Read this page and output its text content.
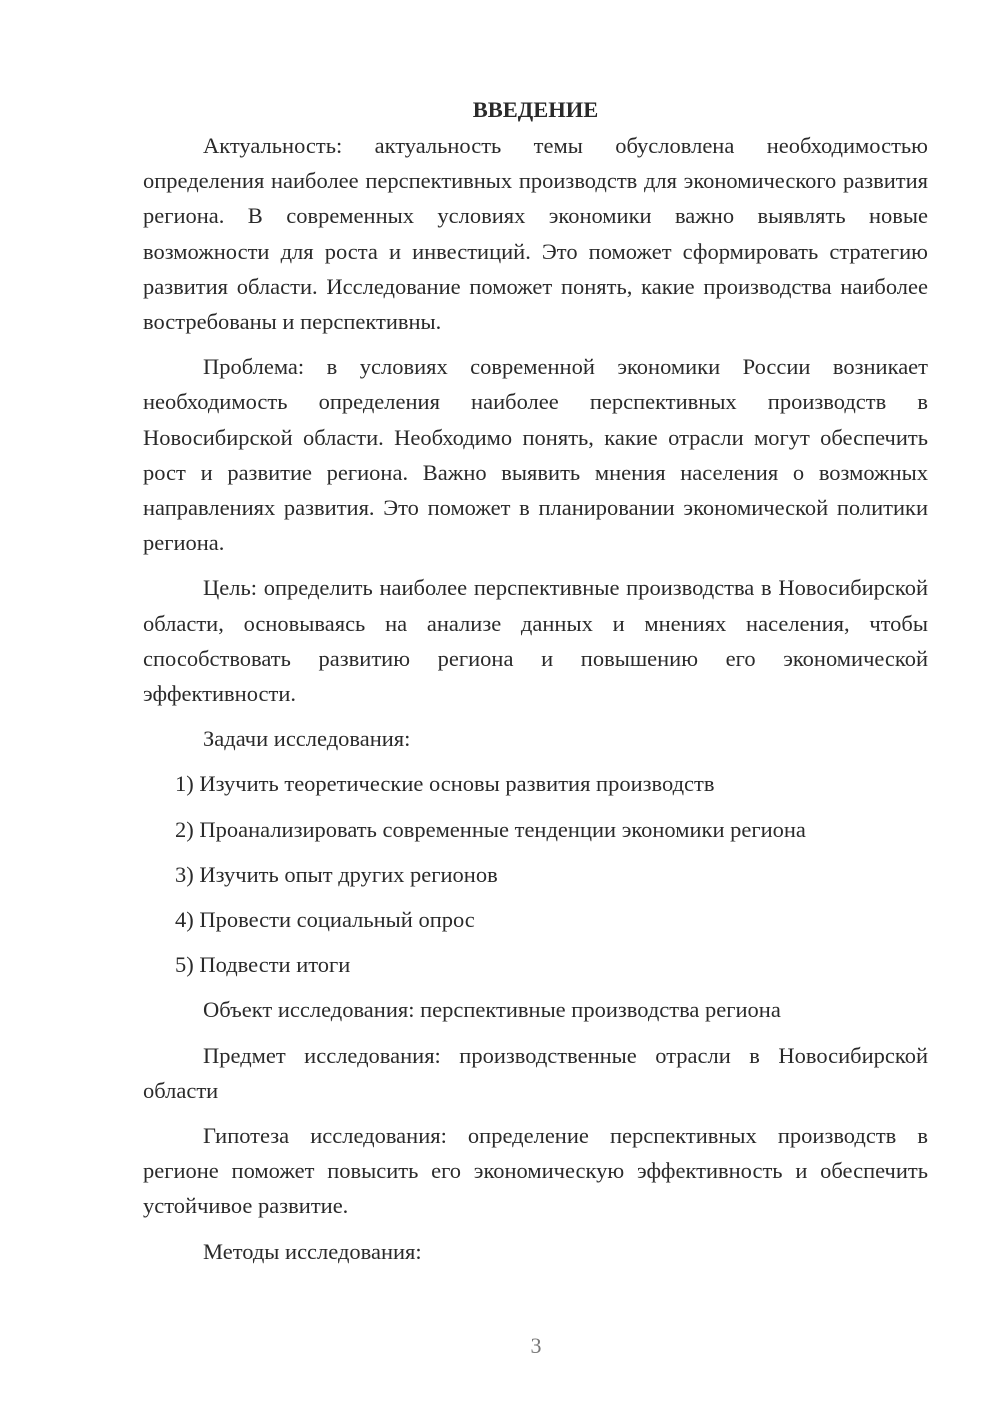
ВВЕДЕНИЕ

Актуальность: актуальность темы обусловлена необходимостью определения наиболее перспективных производств для экономического развития региона. В современных условиях экономики важно выявлять новые возможности для роста и инвестиций. Это поможет сформировать стратегию развития области. Исследование поможет понять, какие производства наиболее востребованы и перспективны.

Проблема: в условиях современной экономики России возникает необходимость определения наиболее перспективных производств в Новосибирской области. Необходимо понять, какие отрасли могут обеспечить рост и развитие региона. Важно выявить мнения населения о возможных направлениях развития. Это поможет в планировании экономической политики региона.

Цель: определить наиболее перспективные производства в Новосибирской области, основываясь на анализе данных и мнениях населения, чтобы способствовать развитию региона и повышению его экономической эффективности.

Задачи исследования:

1) Изучить теоретические основы развития производств
2) Проанализировать современные тенденции экономики региона
3) Изучить опыт других регионов
4) Провести социальный опрос
5) Подвести итоги

Объект исследования: перспективные производства региона

Предмет исследования: производственные отрасли в Новосибирской области

Гипотеза исследования: определение перспективных производств в регионе поможет повысить его экономическую эффективность и обеспечить устойчивое развитие.

Методы исследования:

3
